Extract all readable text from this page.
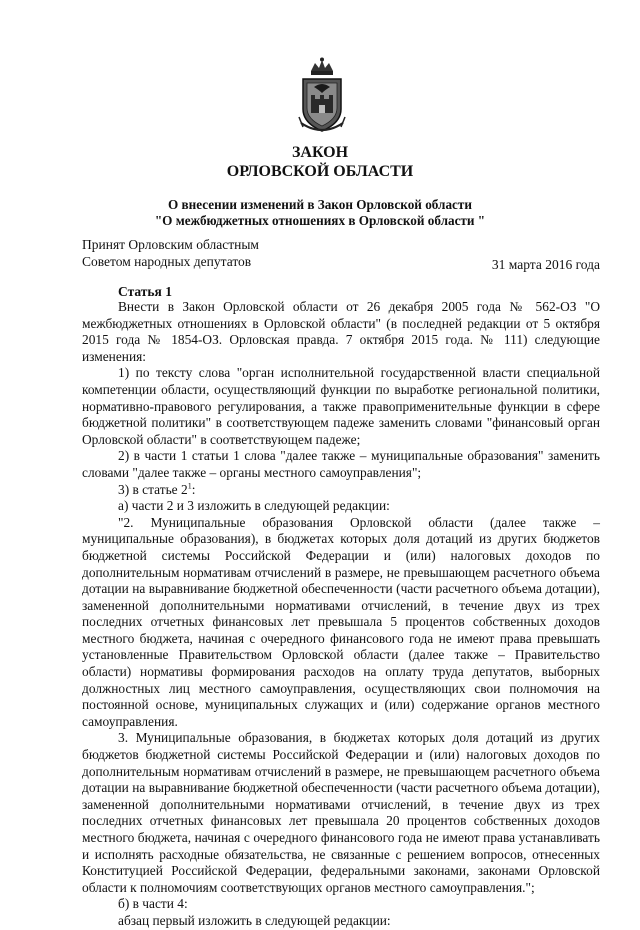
ЗАКОН
ОРЛОВСКОЙ ОБЛАСТИ
О внесении изменений в Закон Орловской области
"О межбюджетных отношениях в Орловской области "
Принят Орловским областным
Советом народных депутатов	31 марта 2016 года
Статья 1

Внести в Закон Орловской области от 26 декабря 2005 года № 562-ОЗ "О межбюджетных отношениях в Орловской области" (в последней редакции от 5 октября 2015 года № 1854-ОЗ. Орловская правда. 7 октября 2015 года. № 111) следующие изменения:

1) по тексту слова "орган исполнительной государственной власти специальной компетенции области, осуществляющий функции по выработке региональной политики, нормативно-правового регулирования, а также правоприменительные функции в сфере бюджетной политики" в соответствующем падеже заменить словами "финансовый орган Орловской области" в соответствующем падеже;

2) в части 1 статьи 1 слова "далее также – муниципальные образования" заменить словами "далее также – органы местного самоуправления";

3) в статье $2^1$:

а) части 2 и 3 изложить в следующей редакции:

"2. Муниципальные образования Орловской области (далее также – муниципальные образования), в бюджетах которых доля дотаций из других бюджетов бюджетной системы Российской Федерации и (или) налоговых доходов по дополнительным нормативам отчислений в размере, не превышающем расчетного объема дотации на выравнивание бюджетной обеспеченности (части расчетного объема дотации), замененной дополнительными нормативами отчислений, в течение двух из трех последних отчетных финансовых лет превышала 5 процентов собственных доходов местного бюджета, начиная с очередного финансового года не имеют права превышать установленные Правительством Орловской области (далее также – Правительство области) нормативы формирования расходов на оплату труда депутатов, выборных должностных лиц местного самоуправления, осуществляющих свои полномочия на постоянной основе, муниципальных служащих и (или) содержание органов местного самоуправления.

3. Муниципальные образования, в бюджетах которых доля дотаций из других бюджетов бюджетной системы Российской Федерации и (или) налоговых доходов по дополнительным нормативам отчислений в размере, не превышающем расчетного объема дотации на выравнивание бюджетной обеспеченности (части расчетного объема дотации), замененной дополнительными нормативами отчислений, в течение двух из трех последних отчетных финансовых лет превышала 20 процентов собственных доходов местного бюджета, начиная с очередного финансового года не имеют права устанавливать и исполнять расходные обязательства, не связанные с решением вопросов, отнесенных Конституцией Российской Федерации, федеральными законами, законами Орловской области к полномочиям соответствующих органов местного самоуправления.";

б) в части 4:

абзац первый изложить в следующей редакции:
